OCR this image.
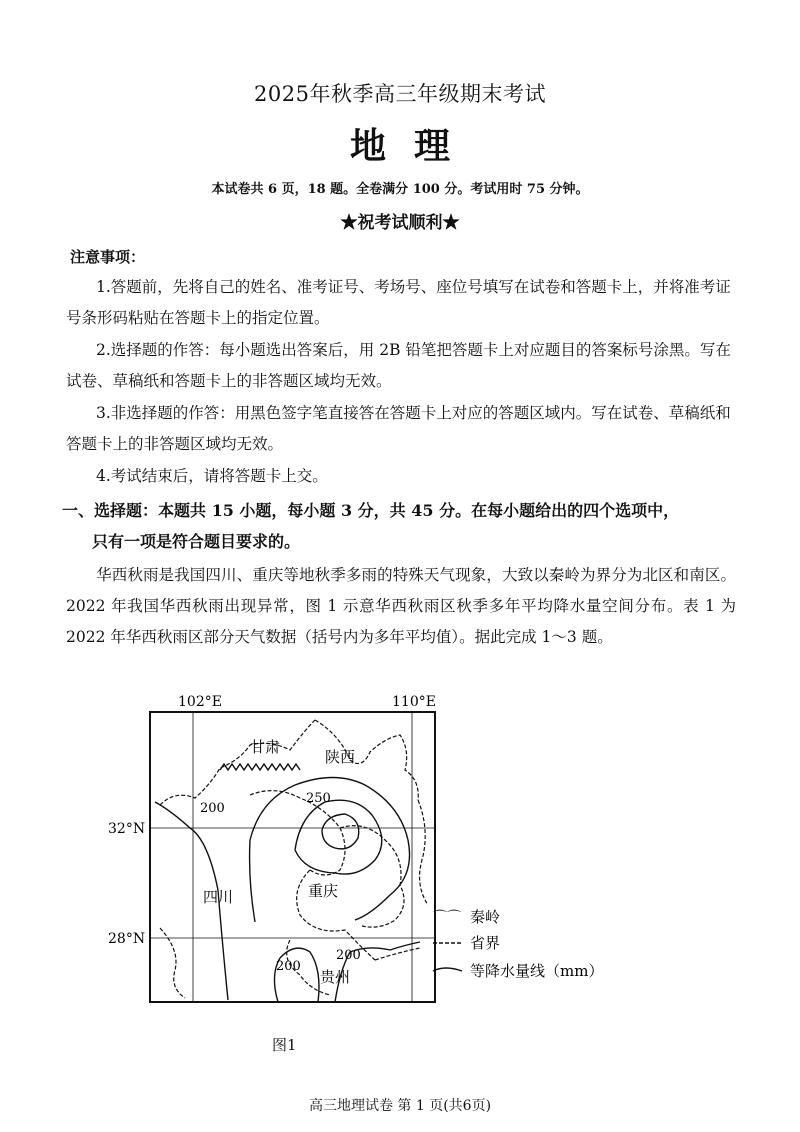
2025年秋季高三年级期末考试
地理
本试卷共 6 页，18 题。全卷满分 100 分。考试用时 75 分钟。
★祝考试顺利★
注意事项：
1.答题前，先将自己的姓名、准考证号、考场号、座位号填写在试卷和答题卡上，并将准考证号条形码粘贴在答题卡上的指定位置。
2.选择题的作答：每小题选出答案后，用 2B 铅笔把答题卡上对应题目的答案标号涂黑。写在试卷、草稿纸和答题卡上的非答题区域均无效。
3.非选择题的作答：用黑色签字笔直接答在答题卡上对应的答题区域内。写在试卷、草稿纸和答题卡上的非答题区域均无效。
4.考试结束后，请将答题卡上交。
一、选择题：本题共 15 小题，每小题 3 分，共 45 分。在每小题给出的四个选项中，
只有一项是符合题目要求的。
华西秋雨是我国四川、重庆等地秋季多雨的特殊天气现象，大致以秦岭为界分为北区和南区。2022 年我国华西秋雨出现异常，图 1 示意华西秋雨区秋季多年平均降水量空间分布。表 1 为 2022 年华西秋雨区部分天气数据（括号内为多年平均值）。据此完成 1～3 题。
102°E	110°E
32°N
28°N
200
250
200
200
甘肃
陕西
四川	重庆
贵州
⌒⌒ 秦岭
省界
等降水量线（mm）
图1
高三地理试卷 第 1 页(共6页)
